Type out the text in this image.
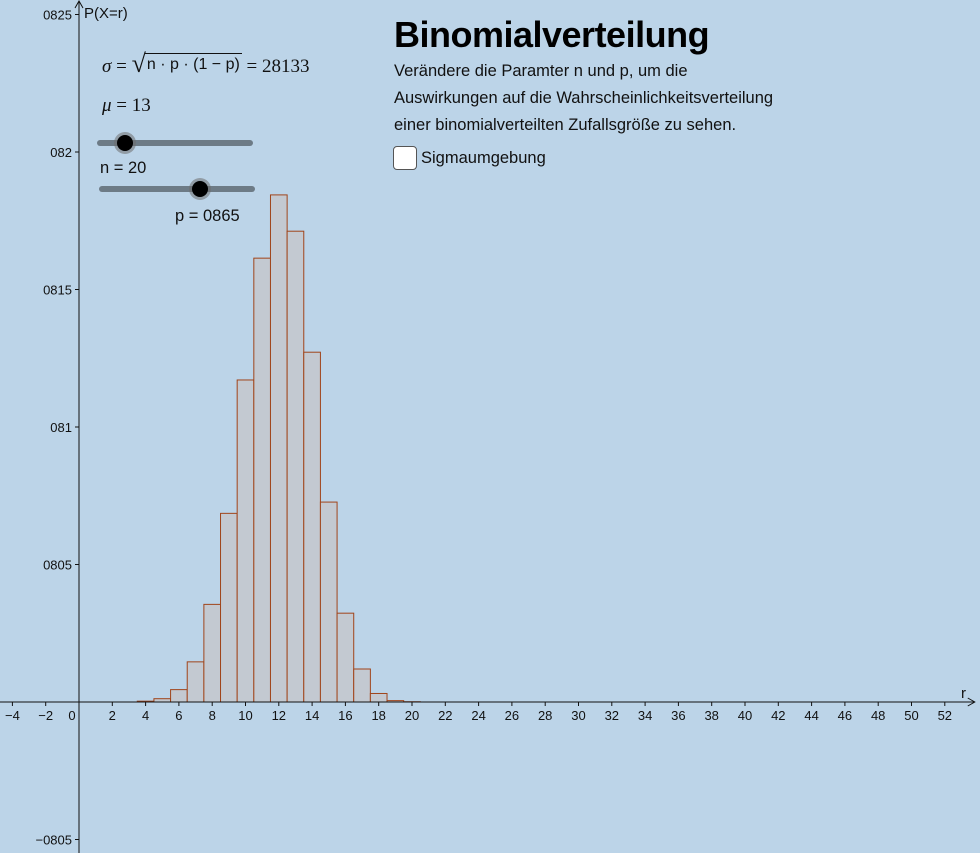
−4 −2 0	2 4 6 8 10 12 14 16 18 20 22 24 26 28 30 32 34 36 38 40 42 44 46 48 50 52
−0805
0805
081
0815
082
0825 P(X=r)
r
Binomialverteilung
Verändere die Paramter n und p, um die
Auswirkungen auf die Wahrscheinlichkeitsverteilung
einer binomialverteilten Zufallsgröße zu sehen.
Sigmaumgebung
σ = √ n · p · (1 − p) = 28133
μ = 13
n = 20
p = 0865
